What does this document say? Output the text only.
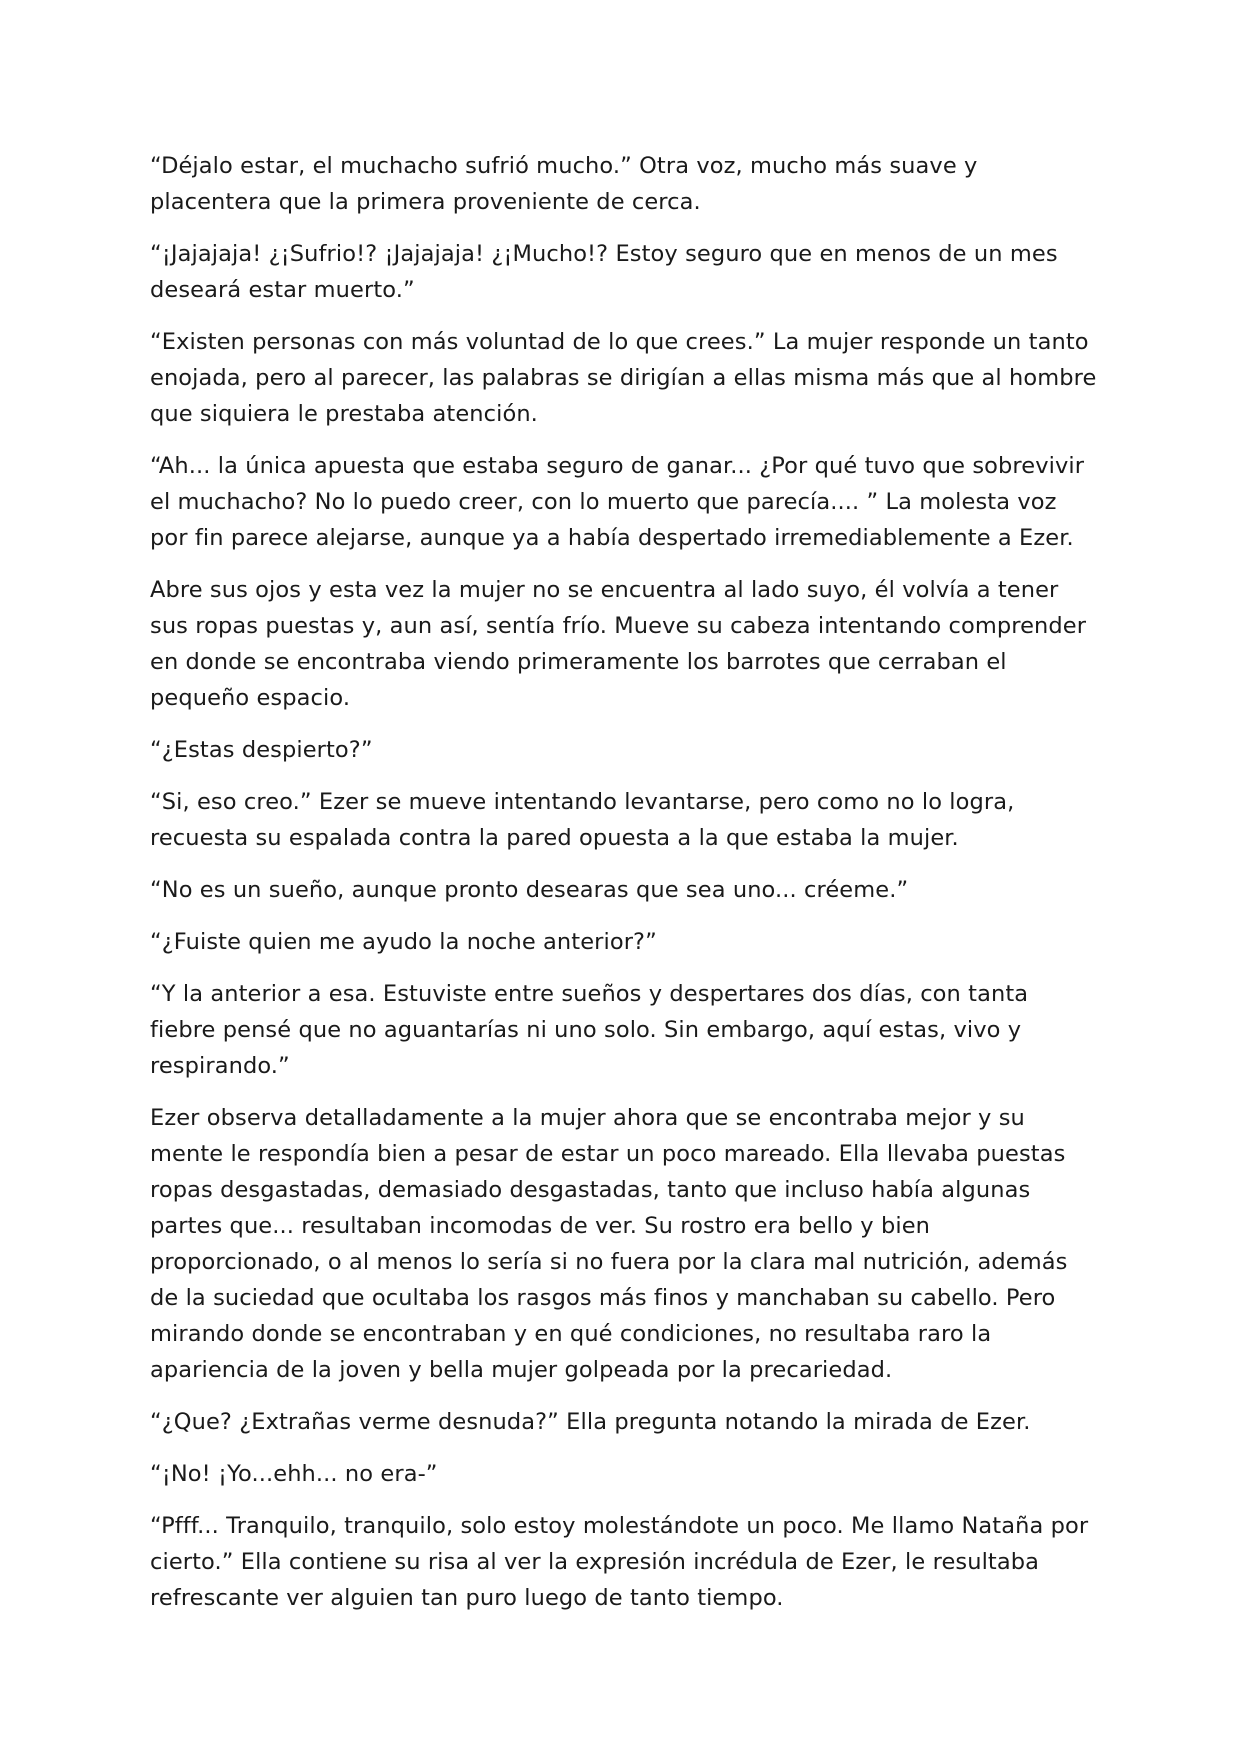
“Déjalo estar, el muchacho sufrió mucho.” Otra voz, mucho más suave y placentera que la primera proveniente de cerca.

“¡Jajajaja! ¿¡Sufrio!? ¡Jajajaja! ¿¡Mucho!? Estoy seguro que en menos de un mes deseará estar muerto.”

“Existen personas con más voluntad de lo que crees.” La mujer responde un tanto enojada, pero al parecer, las palabras se dirigían a ellas misma más que al hombre que siquiera le prestaba atención.

“Ah... la única apuesta que estaba seguro de ganar... ¿Por qué tuvo que sobrevivir el muchacho? No lo puedo creer, con lo muerto que parecía.... ” La molesta voz por fin parece alejarse, aunque ya a había despertado irremediablemente a Ezer.

Abre sus ojos y esta vez la mujer no se encuentra al lado suyo, él volvía a tener sus ropas puestas y, aun así, sentía frío. Mueve su cabeza intentando comprender en donde se encontraba viendo primeramente los barrotes que cerraban el pequeño espacio.

“¿Estas despierto?”

“Si, eso creo.” Ezer se mueve intentando levantarse, pero como no lo logra, recuesta su espalada contra la pared opuesta a la que estaba la mujer.

“No es un sueño, aunque pronto desearas que sea uno... créeme.”

“¿Fuiste quien me ayudo la noche anterior?”

“Y la anterior a esa. Estuviste entre sueños y despertares dos días, con tanta fiebre pensé que no aguantarías ni uno solo. Sin embargo, aquí estas, vivo y respirando.”

Ezer observa detalladamente a la mujer ahora que se encontraba mejor y su mente le respondía bien a pesar de estar un poco mareado. Ella llevaba puestas ropas desgastadas, demasiado desgastadas, tanto que incluso había algunas partes que... resultaban incomodas de ver. Su rostro era bello y bien proporcionado, o al menos lo sería si no fuera por la clara mal nutrición, además de la suciedad que ocultaba los rasgos más finos y manchaban su cabello. Pero mirando donde se encontraban y en qué condiciones, no resultaba raro la apariencia de la joven y bella mujer golpeada por la precariedad.

“¿Que? ¿Extrañas verme desnuda?” Ella pregunta notando la mirada de Ezer.

“¡No! ¡Yo...ehh... no era-”

“Pfff... Tranquilo, tranquilo, solo estoy molestándote un poco. Me llamo Nataña por cierto.” Ella contiene su risa al ver la expresión incrédula de Ezer, le resultaba refrescante ver alguien tan puro luego de tanto tiempo.
